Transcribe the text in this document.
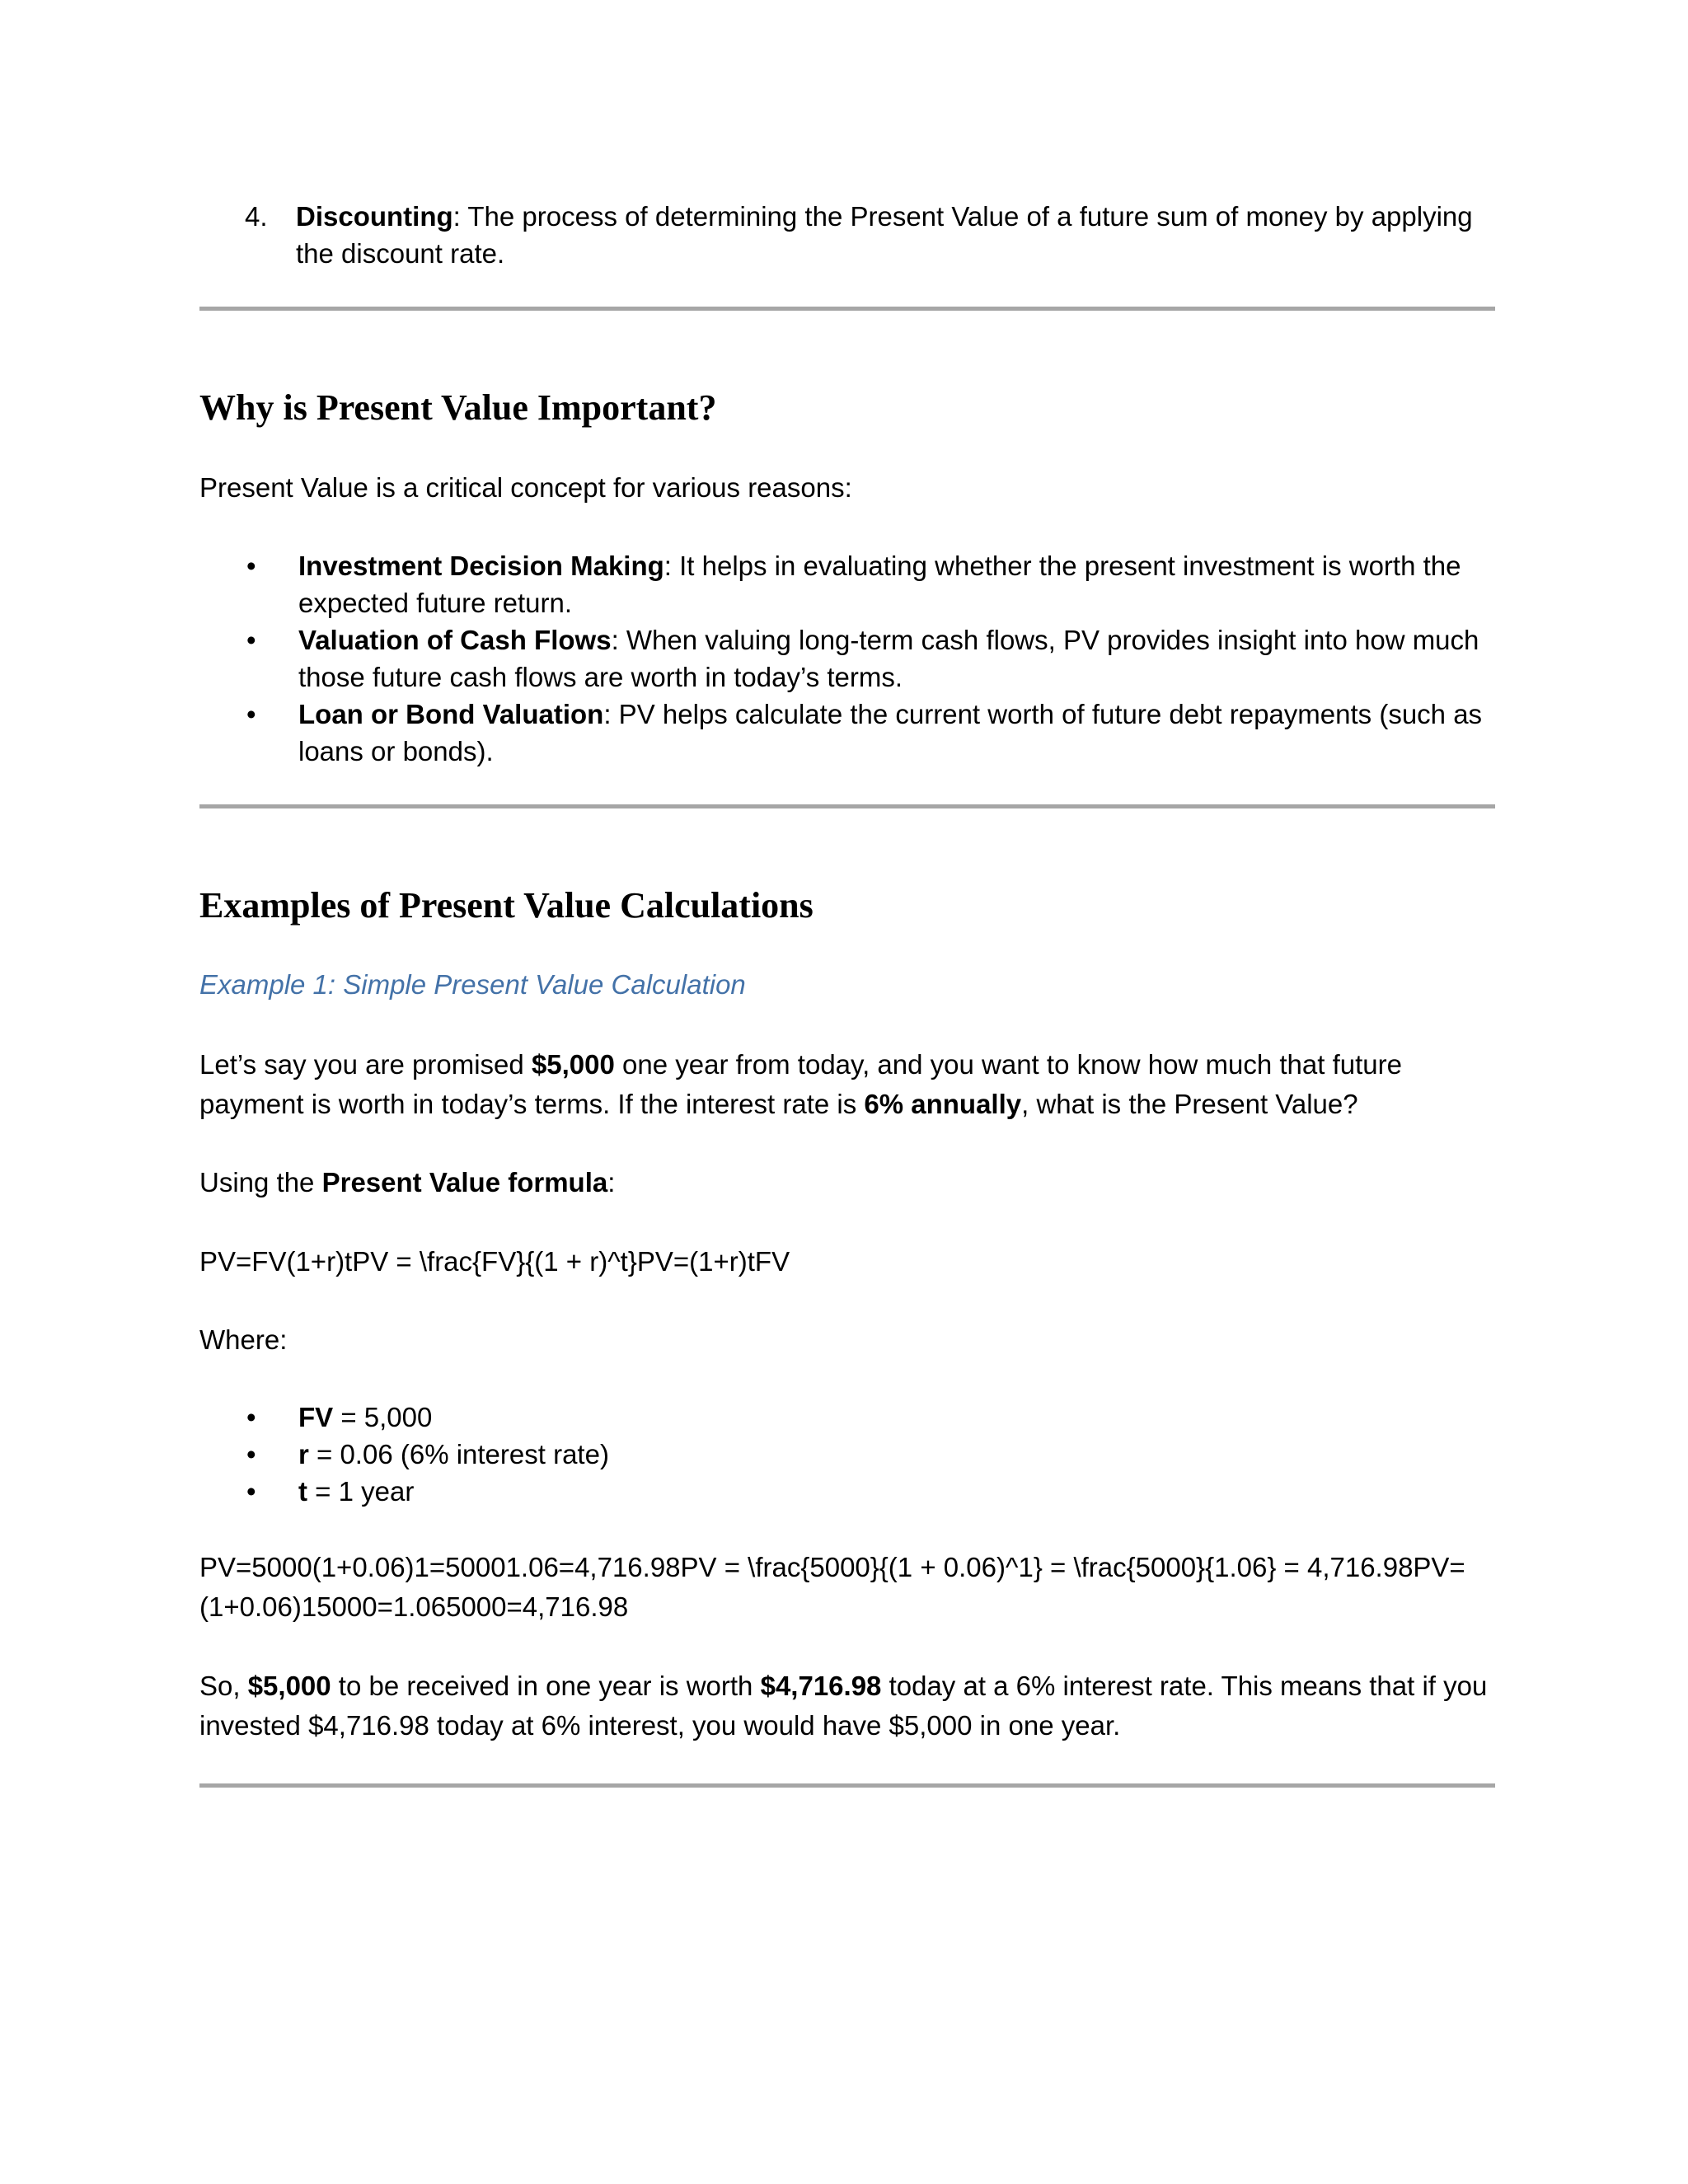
4. Discounting: The process of determining the Present Value of a future sum of money by applying the discount rate.
Why is Present Value Important?

Present Value is a critical concept for various reasons:

• Investment Decision Making: It helps in evaluating whether the present investment is worth the expected future return.
• Valuation of Cash Flows: When valuing long-term cash flows, PV provides insight into how much those future cash flows are worth in today’s terms.
• Loan or Bond Valuation: PV helps calculate the current worth of future debt repayments (such as loans or bonds).
Examples of Present Value Calculations

Example 1: Simple Present Value Calculation

Let’s say you are promised $5,000 one year from today, and you want to know how much that future payment is worth in today’s terms. If the interest rate is 6% annually, what is the Present Value?

Using the Present Value formula:

PV=FV(1+r)tPV = \frac{FV}{(1 + r)^t}PV=(1+r)tFV

Where:

• FV = 5,000
• r = 0.06 (6% interest rate)
• t = 1 year

PV=5000(1+0.06)1=50001.06=4,716.98PV = \frac{5000}{(1 + 0.06)^1} = \frac{5000}{1.06} = 4,716.98PV=(1+0.06)15000=1.065000=4,716.98

So, $5,000 to be received in one year is worth $4,716.98 today at a 6% interest rate. This means that if you invested $4,716.98 today at 6% interest, you would have $5,000 in one year.
